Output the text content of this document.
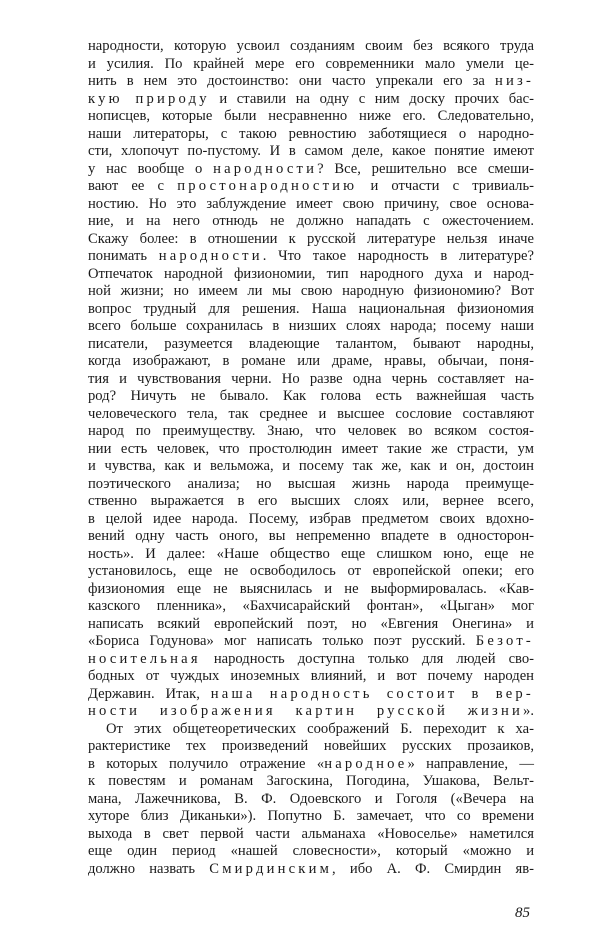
народности, которую усвоил созданиям своим без всякого труда
и усилия. По крайней мере его современники мало умели це-
нить в нем это достоинство: они часто упрекали его за низ-
кую природу и ставили на одну с ним доску прочих бас-
нописцев, которые были несравненно ниже его. Следовательно,
наши литераторы, с такою ревностию заботящиеся о народно-
сти, хлопочут по-пустому. И в самом деле, какое понятие имеют
у нас вообще о народности? Все, решительно все смеши-
вают ее с простонародностию и отчасти с тривиаль-
ностию. Но это заблуждение имеет свою причину, свое основа-
ние, и на него отнюдь не должно нападать с ожесточением.
Скажу более: в отношении к русской литературе нельзя иначе
понимать народности. Что такое народность в литературе?
Отпечаток народной физиономии, тип народного духа и народ-
ной жизни; но имеем ли мы свою народную физиономию? Вот
вопрос трудный для решения. Наша национальная физиономия
всего больше сохранилась в низших слоях народа; посему наши
писатели, разумеется владеющие талантом, бывают народны,
когда изображают, в романе или драме, нравы, обычаи, поня-
тия и чувствования черни. Но разве одна чернь составляет на-
род? Ничуть не бывало. Как голова есть важнейшая часть
человеческого тела, так среднее и высшее сословие составляют
народ по преимуществу. Знаю, что человек во всяком состоя-
нии есть человек, что простолюдин имеет такие же страсти, ум
и чувства, как и вельможа, и посему так же, как и он, достоин
поэтического анализа; но высшая жизнь народа преимуще-
ственно выражается в его высших слоях или, вернее всего,
в целой идее народа. Посему, избрав предметом своих вдохно-
вений одну часть оного, вы непременно впадете в односторон-
ность». И далее: «Наше общество еще слишком юно, еще не
установилось, еще не освободилось от европейской опеки; его
физиономия еще не выяснилась и не выформировалась. «Кав-
казского пленника», «Бахчисарайский фонтан», «Цыган» мог
написать всякий европейский поэт, но «Евгения Онегина» и
«Бориса Годунова» мог написать только поэт русский. Безот-
носительная народность доступна только для людей сво-
бодных от чуждых иноземных влияний, и вот почему народен
Державин. Итак, наша народность состоит в вер-
ности изображения картин русской жизни».
От этих общетеоретических соображений Б. переходит к ха-
рактеристике тех произведений новейших русских прозаиков,
в которых получило отражение «народное» направление, —
к повестям и романам Загоскина, Погодина, Ушакова, Вельт-
мана, Лажечникова, В. Ф. Одоевского и Гоголя («Вечера на
хуторе близ Диканьки»). Попутно Б. замечает, что со времени
выхода в свет первой части альманаха «Новоселье» наметился
еще один период «нашей словесности», который «можно и
должно назвать Смирдинским, ибо А. Ф. Смирдин яв-
85
